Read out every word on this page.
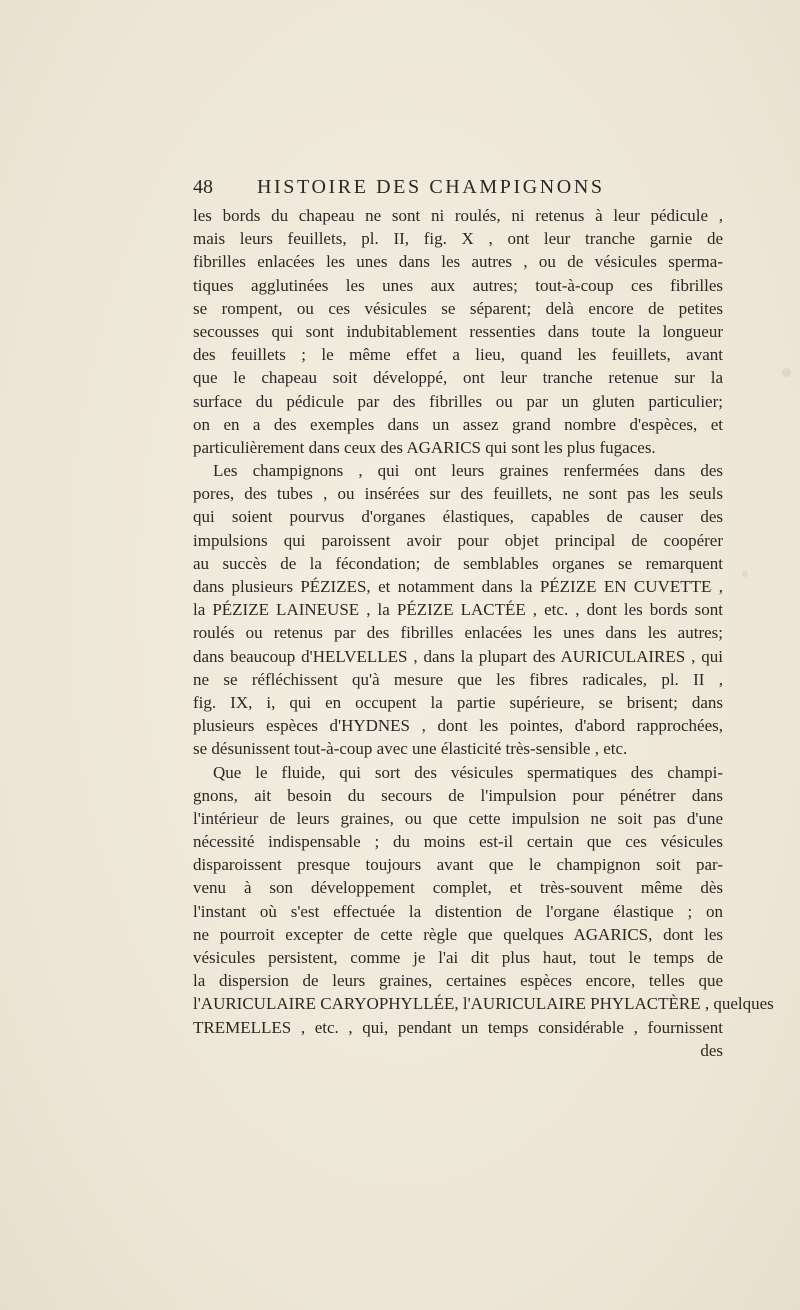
48 HISTOIRE DES CHAMPIGNONS
les bords du chapeau ne sont ni roulés, ni retenus à leur pédicule ,
mais leurs feuillets, pl. II, fig. X , ont leur tranche garnie de
fibrilles enlacées les unes dans les autres , ou de vésicules sperma-
tiques agglutinées les unes aux autres; tout-à-coup ces fibrilles
se rompent, ou ces vésicules se séparent; delà encore de petites
secousses qui sont indubitablement ressenties dans toute la longueur
des feuillets ; le même effet a lieu, quand les feuillets, avant
que le chapeau soit développé, ont leur tranche retenue sur la
surface du pédicule par des fibrilles ou par un gluten particulier;
on en a des exemples dans un assez grand nombre d'espèces, et
particulièrement dans ceux des AGARICS qui sont les plus fugaces.
Les champignons , qui ont leurs graines renfermées dans des
pores, des tubes , ou insérées sur des feuillets, ne sont pas les seuls
qui soient pourvus d'organes élastiques, capables de causer des
impulsions qui paroissent avoir pour objet principal de coopérer
au succès de la fécondation; de semblables organes se remarquent
dans plusieurs PÉZIZES, et notamment dans la PÉZIZE EN CUVETTE ,
la PÉZIZE LAINEUSE , la PÉZIZE LACTÉE , etc. , dont les bords sont
roulés ou retenus par des fibrilles enlacées les unes dans les autres;
dans beaucoup d'HELVELLES , dans la plupart des AURICULAIRES , qui
ne se réfléchissent qu'à mesure que les fibres radicales, pl. II ,
fig. IX, i, qui en occupent la partie supérieure, se brisent; dans
plusieurs espèces d'HYDNES , dont les pointes, d'abord rapprochées,
se désunissent tout-à-coup avec une élasticité très-sensible , etc.
Que le fluide, qui sort des vésicules spermatiques des champi-
gnons, ait besoin du secours de l'impulsion pour pénétrer dans
l'intérieur de leurs graines, ou que cette impulsion ne soit pas d'une
nécessité indispensable ; du moins est-il certain que ces vésicules
disparoissent presque toujours avant que le champignon soit par-
venu à son développement complet, et très-souvent même dès
l'instant où s'est effectuée la distention de l'organe élastique ; on
ne pourroit excepter de cette règle que quelques AGARICS, dont les
vésicules persistent, comme je l'ai dit plus haut, tout le temps de
la dispersion de leurs graines, certaines espèces encore, telles que
l'AURICULAIRE CARYOPHYLLÉE, l'AURICULAIRE PHYLACTÈRE , quelques
TREMELLES , etc. , qui, pendant un temps considérable , fournissent
des
